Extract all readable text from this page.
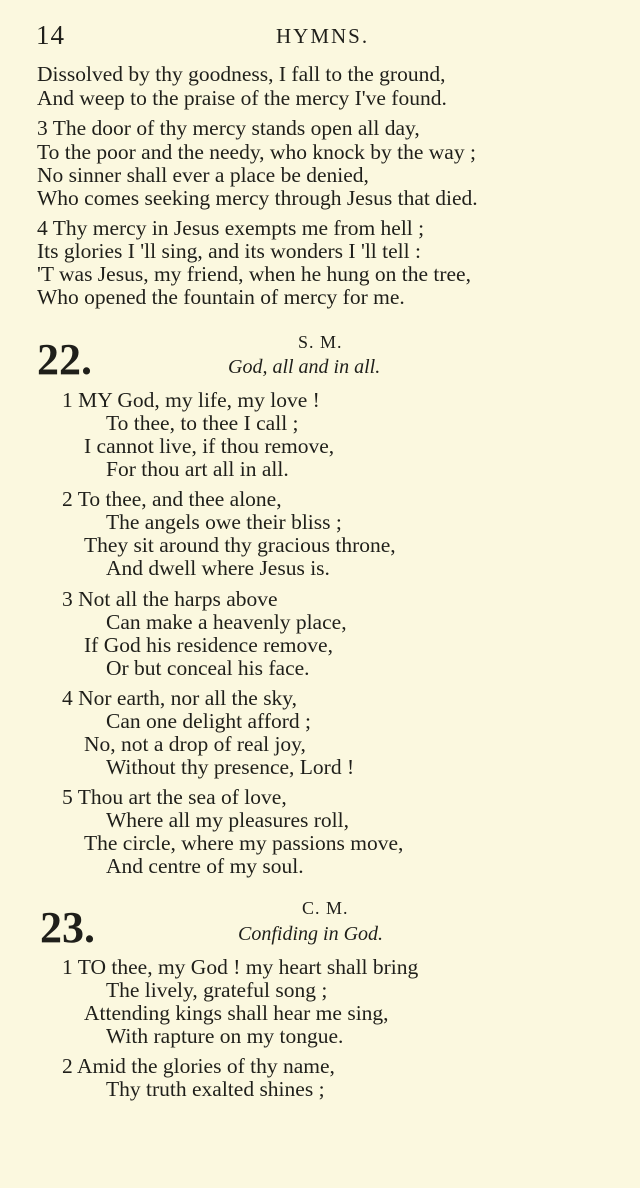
14	HYMNS.
Dissolved by thy goodness, I fall to the ground,
And weep to the praise of the mercy I've found.
3 The door of thy mercy stands open all day,
To the poor and the needy, who knock by the way ;
No sinner shall ever a place be denied,
Who comes seeking mercy through Jesus that died.
4 Thy mercy in Jesus exempts me from hell ;
Its glories I 'll sing, and its wonders I 'll tell :
'T was Jesus, my friend, when he hung on the tree,
Who opened the fountain of mercy for me.
22.	S. M.
God, all and in all.
1 MY God, my life, my love !
To thee, to thee I call ;
I cannot live, if thou remove,
For thou art all in all.
2 To thee, and thee alone,
The angels owe their bliss ;
They sit around thy gracious throne,
And dwell where Jesus is.
3 Not all the harps above
Can make a heavenly place,
If God his residence remove,
Or but conceal his face.
4 Nor earth, nor all the sky,
Can one delight afford ;
No, not a drop of real joy,
Without thy presence, Lord !
5 Thou art the sea of love,
Where all my pleasures roll,
The circle, where my passions move,
And centre of my soul.
23.	C. M.
Confiding in God.
1 TO thee, my God ! my heart shall bring
The lively, grateful song ;
Attending kings shall hear me sing,
With rapture on my tongue.
2 Amid the glories of thy name,
Thy truth exalted shines ;
